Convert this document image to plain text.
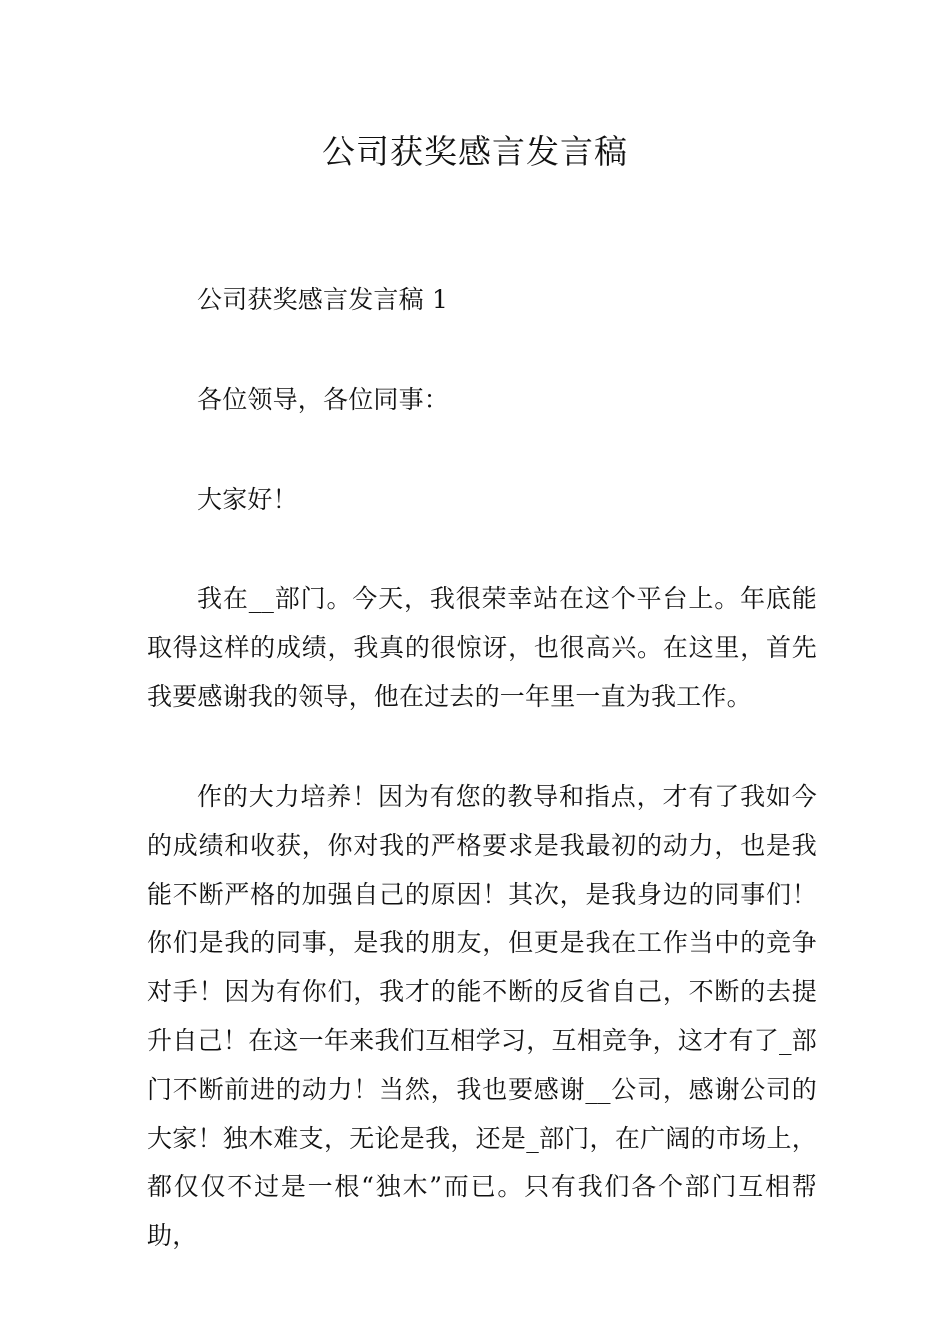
公司获奖感言发言稿

公司获奖感言发言稿 1

各位领导，各位同事：

大家好！

我在__部门。今天，我很荣幸站在这个平台上。年底能取得这样的成绩，我真的很惊讶，也很高兴。在这里，首先我要感谢我的领导，他在过去的一年里一直为我工作。

作的大力培养！因为有您的教导和指点，才有了我如今的成绩和收获，你对我的严格要求是我最初的动力，也是我能不断严格的加强自己的原因！其次，是我身边的同事们！你们是我的同事，是我的朋友，但更是我在工作当中的竞争对手！因为有你们，我才的能不断的反省自己，不断的去提升自己！在这一年来我们互相学习，互相竞争，这才有了_部门不断前进的动力！当然，我也要感谢__公司，感谢公司的大家！独木难支，无论是我，还是_部门，在广阔的市场上，都仅仅不过是一根“独木”而已。只有我们各个部门互相帮助，
